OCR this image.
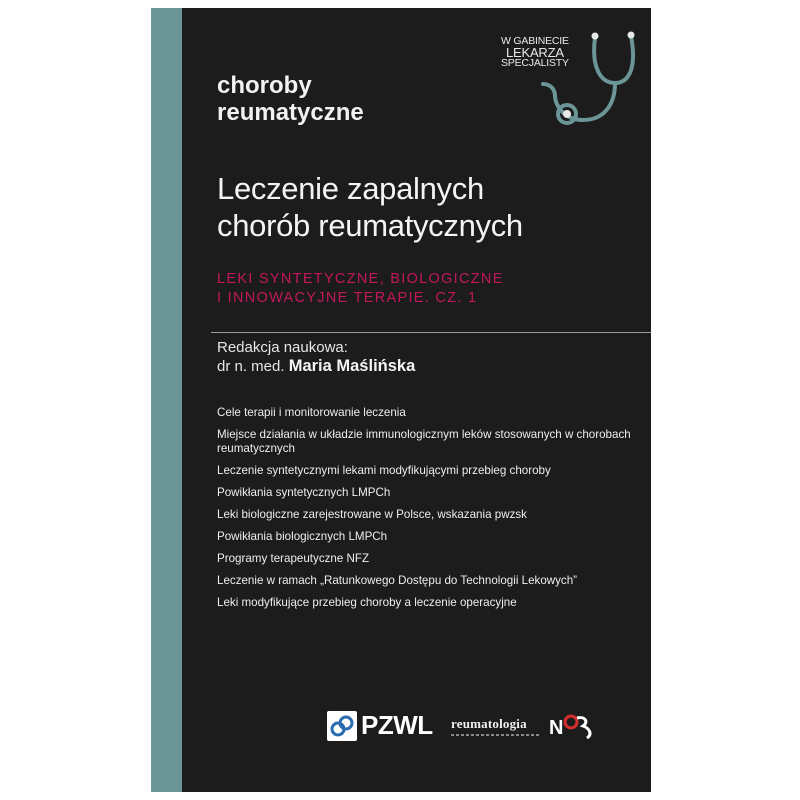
choroby
reumatyczne
W GABINECIE
LEKARZA
SPECJALISTY
Leczenie zapalnych
chorób reumatycznych
LEKI SYNTETYCZNE, BIOLOGICZNE
I INNOWACYJNE TERAPIE. CZ. 1
Redakcja naukowa:
dr n. med. Maria Maślińska
Cele terapii i monitorowanie leczenia
Miejsce działania w układzie immunologicznym leków stosowanych w chorobach reumatycznych
Leczenie syntetycznymi lekami modyfikującymi przebieg choroby
Powikłania syntetycznych LMPCh
Leki biologiczne zarejestrowane w Polsce, wskazania pwzsk
Powikłania biologicznych LMPCh
Programy terapeutyczne NFZ
Leczenie w ramach „Ratunkowego Dostępu do Technologii Lekowych”
Leki modyfikujące przebieg choroby a leczenie operacyjne
PZWL reumatologia N
